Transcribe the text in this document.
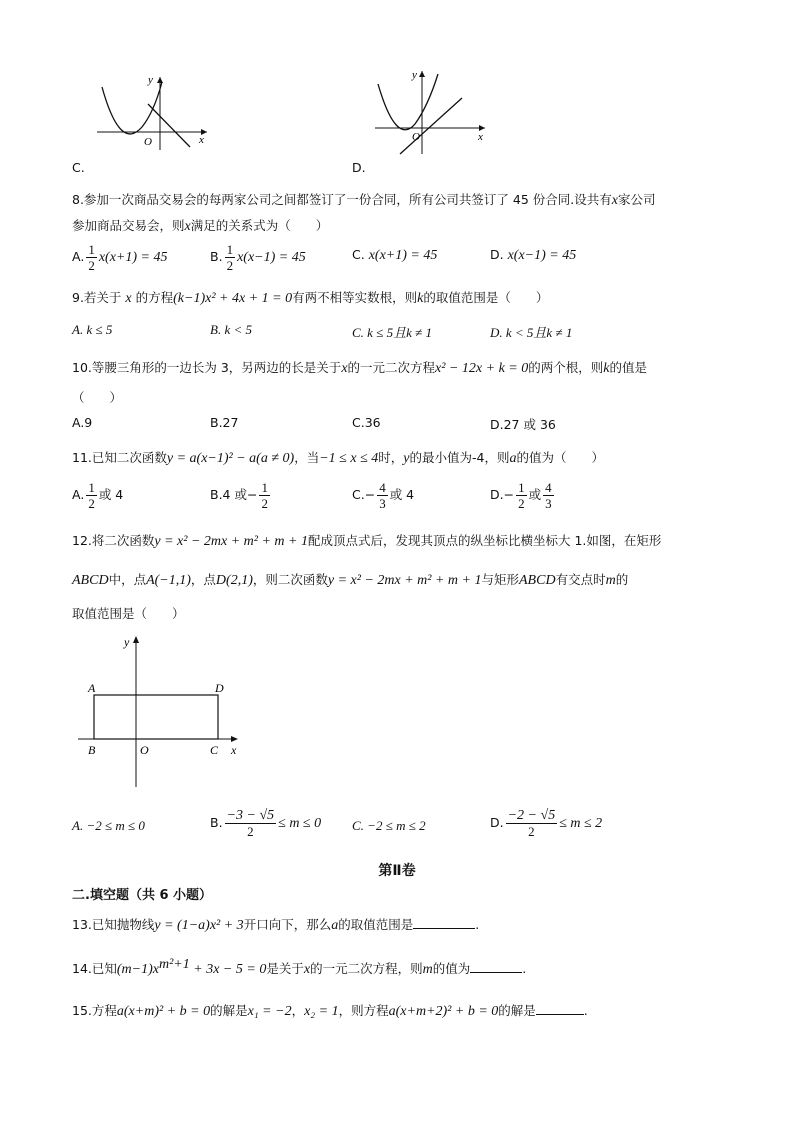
y
x
O
C.
y
x
O
D.
8.参加一次商品交易会的每两家公司之间都签订了一份合同，所有公司共签订了 45 份合同.设共有x家公司
参加商品交易会，则x满足的关系式为（　　）
A. $\frac{1}{2} x(x+1) = 45$	B. $\frac{1}{2} x(x-1) = 45$	C. x(x+1) = 45	D. x(x−1) = 45
9.若关于 x 的方程(k−1)x² + 4x + 1 = 0有两不相等实数根，则k的取值范围是（　　）
A. k ≤ 5	B. k < 5	C. k ≤ 5且k ≠ 1	D. k < 5且k ≠ 1
10.等腰三角形的一边长为 3，另两边的长是关于x的一元二次方程x² − 12x + k = 0的两个根，则k的值是
（　　）
A.9	B.27	C.36	D.27 或 36
11.已知二次函数y = a(x−1)² − a(a ≠ 0)，当−1 ≤ x ≤ 4时，y的最小值为-4，则a的值为（　　）
A. $\frac{1}{2}$ 或 4	B.4 或− $\frac{1}{2}$	$C.- \frac{4}{3}$ 或 4	$D.- \frac{1}{2}$ 或 $\frac{4}{3}$
12.将二次函数y = x² − 2mx + m² + m + 1配成顶点式后，发现其顶点的纵坐标比横坐标大 1.如图，在矩形
ABCD中，点A(−1,1)，点D(2,1)，则二次函数y = x² − 2mx + m² + m + 1与矩形ABCD有交点时m的
取值范围是（　　）
A
B	C
D
O	x
y
A. −2 ≤ m ≤ 0	B. $\frac{-3 - √5}{2} \le m \le 0$ C. −2 ≤ m ≤ 2	D. $\frac{-2 - √5}{2} \le m \le 2$
第Ⅱ卷
二.填空题（共 6 小题）
13.已知抛物线y = (1−a)x² + 3开口向下，那么a的取值范围是	.
14.已知$(m-1)x^{m^2+1} + 3x - 5 = 0$是关于x的一元二次方程，则m的值为	.
15.方程a(x+m)² + b = 0的解是x₁ = −2，x₂ = 1，则方程a(x+m+2)² + b = 0的解是	.
